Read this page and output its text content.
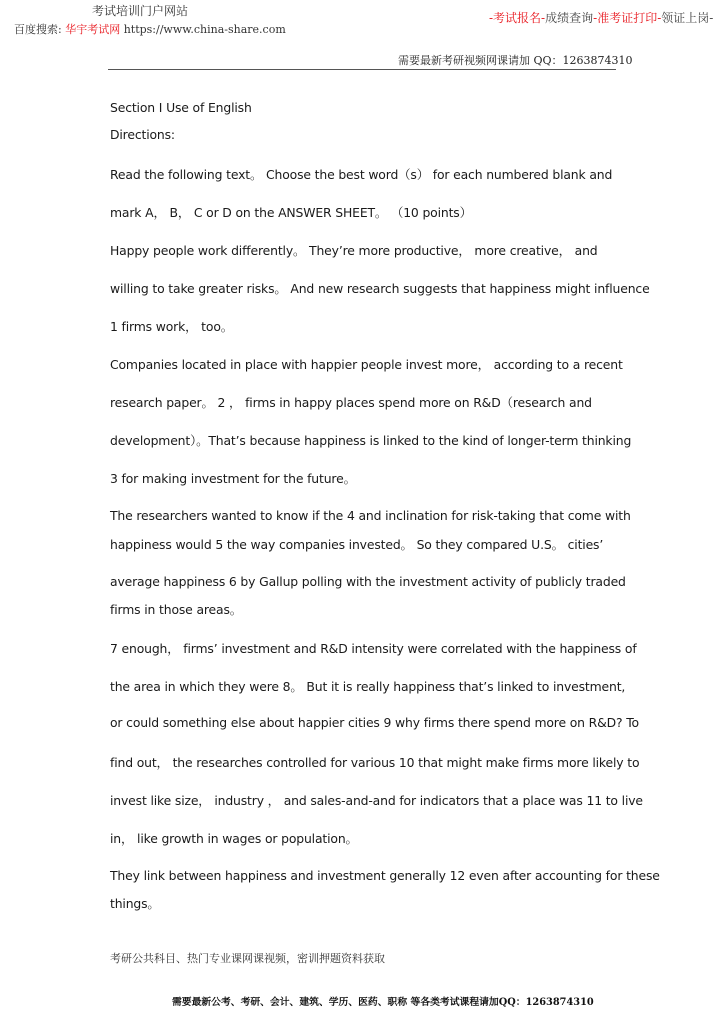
考试培训门户网站
百度搜索: 华宇考试网 https://www.china-share.com
-考试报名-成绩查询-准考证打印-领证上岗-
需要最新考研视频网课请加 QQ：1263874310
Section I Use of English
Directions:
Read the following text。 Choose the best word（s） for each numbered blank and
mark A， B， C or D on the ANSWER SHEET。 （10 points）
Happy people work differently。 They’re more productive， more creative， and
willing to take greater risks。 And new research suggests that happiness might influence
1 firms work， too。
Companies located in place with happier people invest more， according to a recent
research paper。 2 ， firms in happy places spend more on R&D（research and
development）。That’s because happiness is linked to the kind of longer-term thinking
3 for making investment for the future。
The researchers wanted to know if the 4 and inclination for risk-taking that come with
happiness would 5 the way companies invested。 So they compared U.S。 cities’
average happiness 6 by Gallup polling with the investment activity of publicly traded
firms in those areas。
7 enough， firms’ investment and R&D intensity were correlated with the happiness of
the area in which they were 8。 But it is really happiness that’s linked to investment,
or could something else about happier cities 9 why firms there spend more on R&D? To
find out， the researches controlled for various 10 that might make firms more likely to
invest like size， industry ， and sales-and-and for indicators that a place was 11 to live
in， like growth in wages or population。
They link between happiness and investment generally 12 even after accounting for these
things。
考研公共科目、热门专业课网课视频，密训押题资料获取
需要最新公考、考研、会计、建筑、学历、医药、职称 等各类考试课程请加QQ：1263874310
